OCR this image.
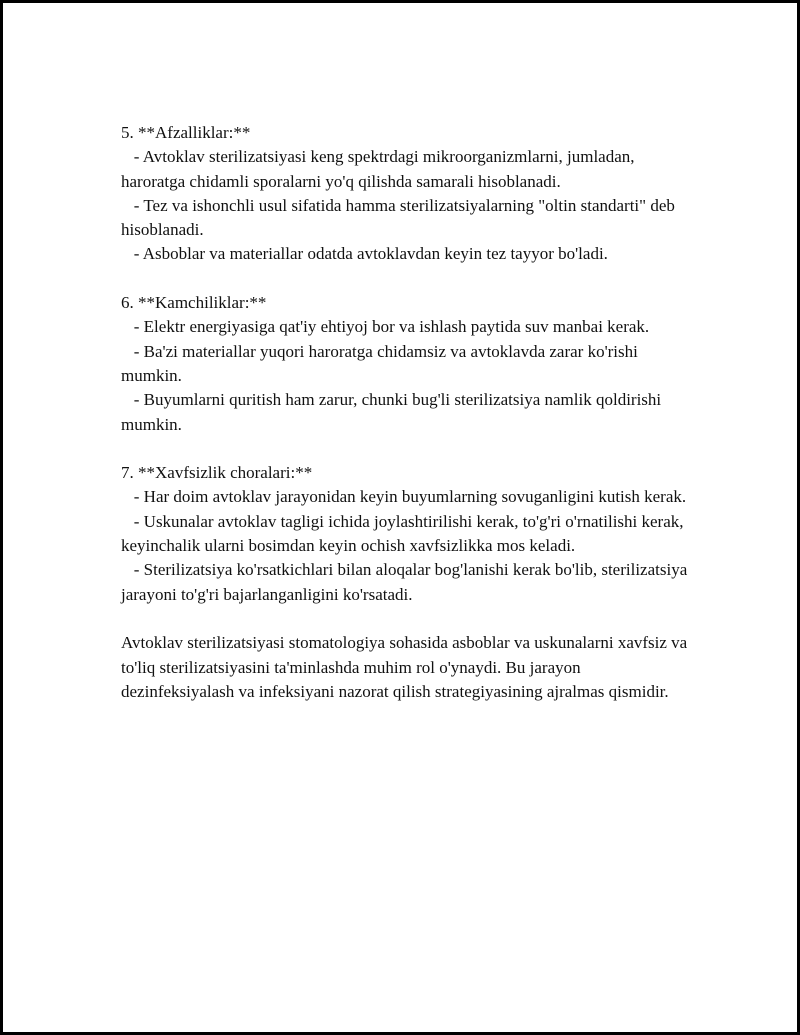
5. **Afzalliklar:**

- Avtoklav sterilizatsiyasi keng spektrdagi mikroorganizmlarni, jumladan, haroratga chidamli sporalarni yo'q qilishda samarali hisoblanadi.

- Tez va ishonchli usul sifatida hamma sterilizatsiyalarning "oltin standarti" deb hisoblanadi.

- Asboblar va materiallar odatda avtoklavdan keyin tez tayyor bo'ladi.

6. **Kamchiliklar:**

- Elektr energiyasiga qat'iy ehtiyoj bor va ishlash paytida suv manbai kerak.

- Ba'zi materiallar yuqori haroratga chidamsiz va avtoklavda zarar ko'rishi mumkin.

- Buyumlarni quritish ham zarur, chunki bug'li sterilizatsiya namlik qoldirishi mumkin.

7. **Xavfsizlik choralari:**

- Har doim avtoklav jarayonidan keyin buyumlarning sovuganligini kutish kerak.

- Uskunalar avtoklav tagligi ichida joylashtirilishi kerak, to'g'ri o'rnatilishi kerak, keyinchalik ularni bosimdan keyin ochish xavfsizlikka mos keladi.

- Sterilizatsiya ko'rsatkichlari bilan aloqalar bog'lanishi kerak bo'lib, sterilizatsiya jarayoni to'g'ri bajarlanganligini ko'rsatadi.

Avtoklav sterilizatsiyasi stomatologiya sohasida asboblar va uskunalarni xavfsiz va to'liq sterilizatsiyasini ta'minlashda muhim rol o'ynaydi. Bu jarayon dezinfeksiyalash va infeksiyani nazorat qilish strategiyasining ajralmas qismidir.
